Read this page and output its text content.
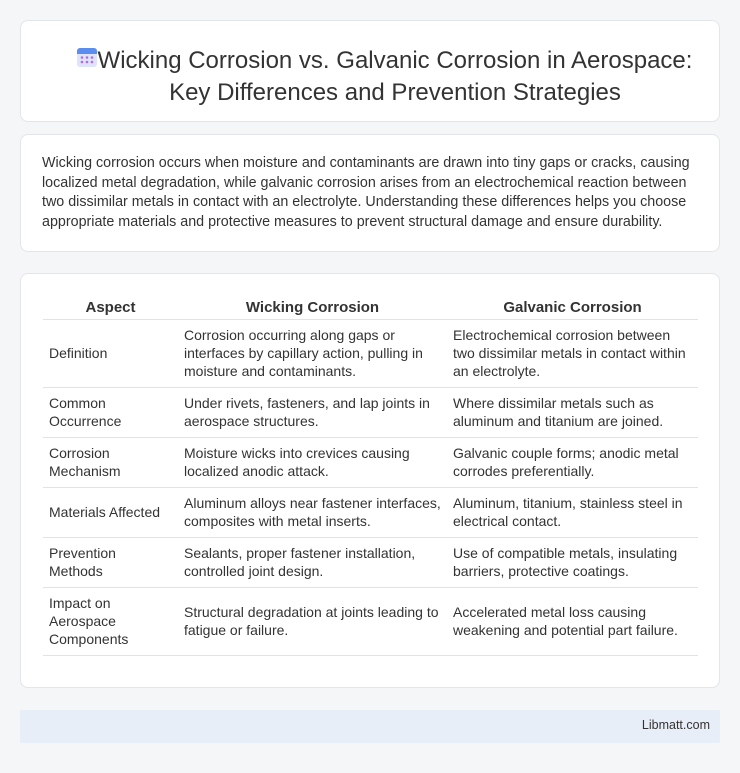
Wicking Corrosion vs. Galvanic Corrosion in Aerospace: Key Differences and Prevention Strategies

Wicking corrosion occurs when moisture and contaminants are drawn into tiny gaps or cracks, causing localized metal degradation, while galvanic corrosion arises from an electrochemical reaction between two dissimilar metals in contact with an electrolyte. Understanding these differences helps you choose appropriate materials and protective measures to prevent structural damage and ensure durability.

Aspect	Wicking Corrosion	Galvanic Corrosion
Definition	Corrosion occurring along gaps or interfaces by capillary action, pulling in moisture and contaminants.	Electrochemical corrosion between two dissimilar metals in contact within an electrolyte.
Common Occurrence	Under rivets, fasteners, and lap joints in aerospace structures.	Where dissimilar metals such as aluminum and titanium are joined.
Corrosion Mechanism	Moisture wicks into crevices causing localized anodic attack.	Galvanic couple forms; anodic metal corrodes preferentially.
Materials Affected	Aluminum alloys near fastener interfaces, composites with metal inserts.	Aluminum, titanium, stainless steel in electrical contact.
Prevention Methods	Sealants, proper fastener installation, controlled joint design.	Use of compatible metals, insulating barriers, protective coatings.
Impact on Aerospace Components	Structural degradation at joints leading to fatigue or failure.	Accelerated metal loss causing weakening and potential part failure.
Libmatt.com
